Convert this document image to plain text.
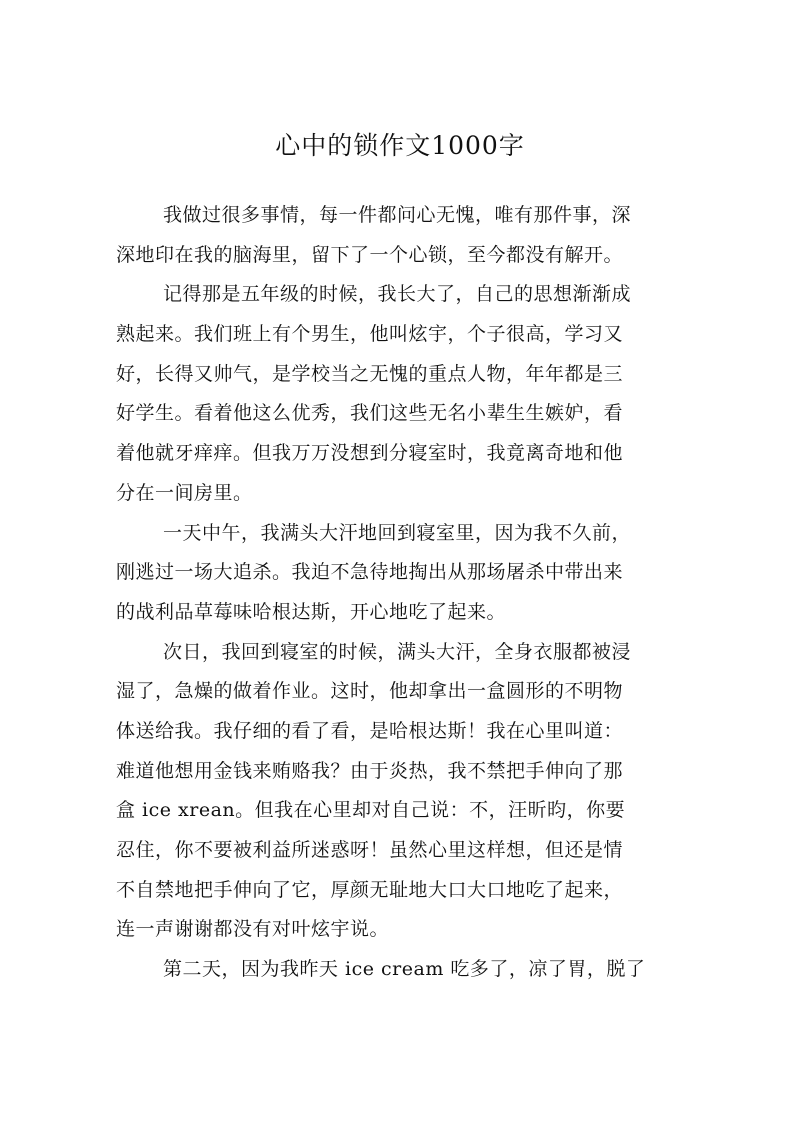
心中的锁作文1000字
我做过很多事情，每一件都问心无愧，唯有那件事，深
深地印在我的脑海里，留下了一个心锁，至今都没有解开。
记得那是五年级的时候，我长大了，自己的思想渐渐成
熟起来。我们班上有个男生，他叫炫宇，个子很高，学习又
好，长得又帅气，是学校当之无愧的重点人物，年年都是三
好学生。看着他这么优秀，我们这些无名小辈生生嫉妒，看
着他就牙痒痒。但我万万没想到分寝室时，我竟离奇地和他
分在一间房里。
一天中午，我满头大汗地回到寝室里，因为我不久前，
刚逃过一场大追杀。我迫不急待地掏出从那场屠杀中带出来
的战利品草莓味哈根达斯，开心地吃了起来。
次日，我回到寝室的时候，满头大汗，全身衣服都被浸
湿了，急燥的做着作业。这时，他却拿出一盒圆形的不明物
体送给我。我仔细的看了看，是哈根达斯！我在心里叫道：
难道他想用金钱来贿赂我？由于炎热，我不禁把手伸向了那
盒 ice xrean。但我在心里却对自己说：不，汪昕昀，你要
忍住，你不要被利益所迷惑呀！虽然心里这样想，但还是情
不自禁地把手伸向了它，厚颜无耻地大口大口地吃了起来，
连一声谢谢都没有对叶炫宇说。
第二天，因为我昨天 ice cream 吃多了，凉了胃，脱了
